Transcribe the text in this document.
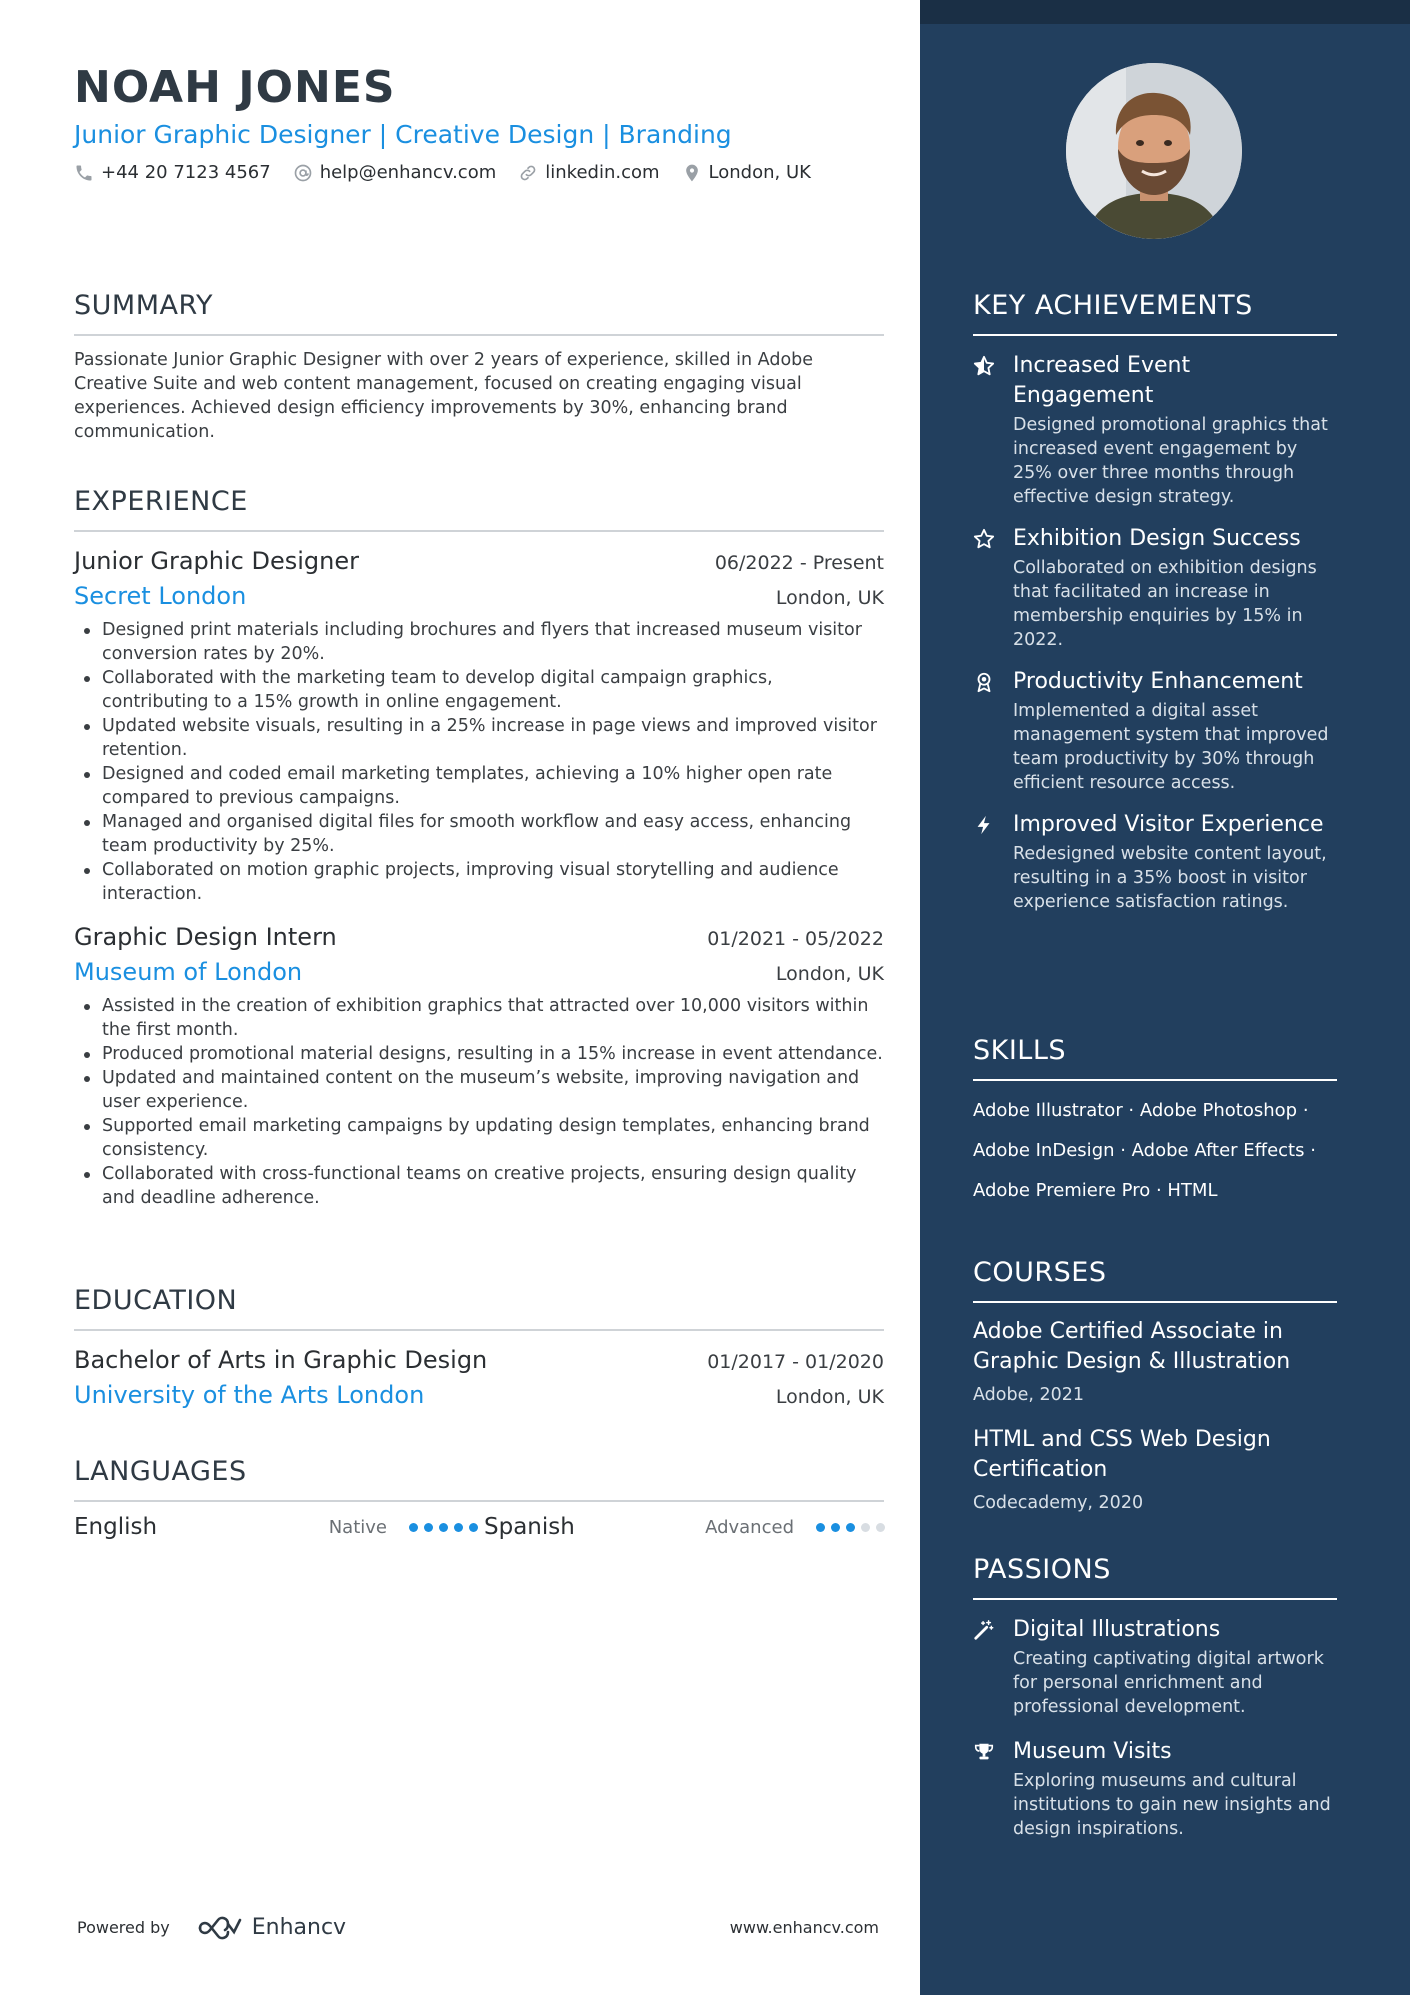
NOAH JONES
Junior Graphic Designer | Creative Design | Branding
+44 20 7123 4567	help@enhancv.com	linkedin.com	London, UK
SUMMARY
Passionate Junior Graphic Designer with over 2 years of experience, skilled in Adobe Creative Suite and web content management, focused on creating engaging visual experiences. Achieved design efficiency improvements by 30%, enhancing brand communication.
EXPERIENCE
Junior Graphic Designer	06/2022 - Present
Secret London	London, UK
Designed print materials including brochures and flyers that increased museum visitor conversion rates by 20%.
Collaborated with the marketing team to develop digital campaign graphics, contributing to a 15% growth in online engagement.
Updated website visuals, resulting in a 25% increase in page views and improved visitor retention.
Designed and coded email marketing templates, achieving a 10% higher open rate compared to previous campaigns.
Managed and organised digital files for smooth workflow and easy access, enhancing team productivity by 25%.
Collaborated on motion graphic projects, improving visual storytelling and audience interaction.
Graphic Design Intern	01/2021 - 05/2022
Museum of London	London, UK
Assisted in the creation of exhibition graphics that attracted over 10,000 visitors within the first month.
Produced promotional material designs, resulting in a 15% increase in event attendance.
Updated and maintained content on the museum’s website, improving navigation and user experience.
Supported email marketing campaigns by updating design templates, enhancing brand consistency.
Collaborated with cross-functional teams on creative projects, ensuring design quality and deadline adherence.
EDUCATION
Bachelor of Arts in Graphic Design	01/2017 - 01/2020
University of the Arts London	London, UK
LANGUAGES
English	Native	Spanish	Advanced
Powered by	Enhancv	www.enhancv.com
KEY ACHIEVEMENTS
Increased Event Engagement
Designed promotional graphics that increased event engagement by 25% over three months through effective design strategy.
Exhibition Design Success
Collaborated on exhibition designs that facilitated an increase in membership enquiries by 15% in 2022.
Productivity Enhancement
Implemented a digital asset management system that improved team productivity by 30% through efficient resource access.
Improved Visitor Experience
Redesigned website content layout, resulting in a 35% boost in visitor experience satisfaction ratings.
SKILLS
Adobe Illustrator · Adobe Photoshop ·
Adobe InDesign · Adobe After Effects ·
Adobe Premiere Pro · HTML
COURSES
Adobe Certified Associate in Graphic Design & Illustration
Adobe, 2021
HTML and CSS Web Design Certification
Codecademy, 2020
PASSIONS
Digital Illustrations
Creating captivating digital artwork for personal enrichment and professional development.
Museum Visits
Exploring museums and cultural institutions to gain new insights and design inspirations.
